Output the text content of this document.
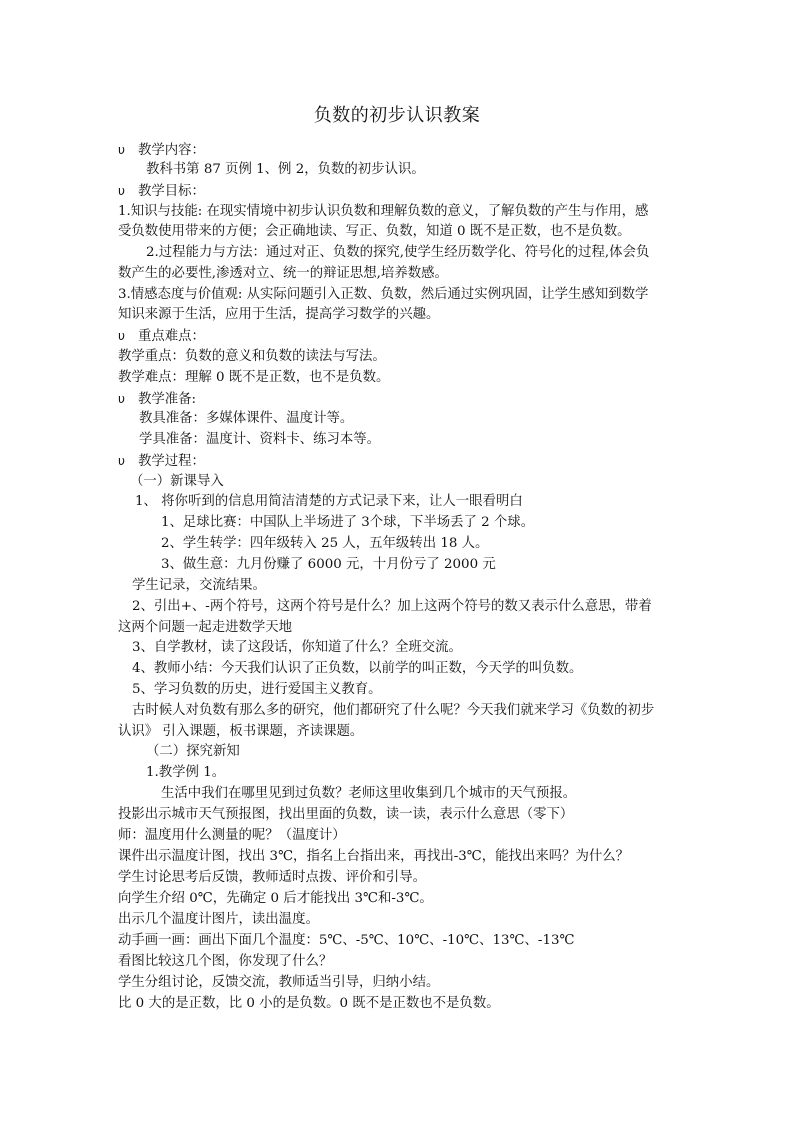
负数的初步认识教案
υ 教学内容：
教科书第 87 页例 1、例 2，负数的初步认识。
υ 教学目标：
1.知识与技能: 在现实情境中初步认识负数和理解负数的意义，了解负数的产生与作用，感
受负数使用带来的方便；会正确地读、写正、负数，知道 0 既不是正数，也不是负数。
2.过程能力与方法：通过对正、负数的探究,使学生经历数学化、符号化的过程,体会负
数产生的必要性,渗透对立、统一的辩证思想,培养数感。
3.情感态度与价值观: 从实际问题引入正数、负数，然后通过实例巩固，让学生感知到数学
知识来源于生活，应用于生活，提高学习数学的兴趣。
υ 重点难点：
教学重点：负数的意义和负数的读法与写法。
教学难点：理解 0 既不是正数，也不是负数。
υ 教学准备:
教具准备：多媒体课件、温度计等。
学具准备：温度计、资料卡、练习本等。
υ 教学过程：
（一）新课导入
1、 将你听到的信息用简洁清楚的方式记录下来，让人一眼看明白
1、足球比赛：中国队上半场进了 3个球，下半场丢了 2 个球。
2、学生转学：四年级转入 25 人，五年级转出 18 人。
3、做生意：九月份赚了 6000 元，十月份亏了 2000 元
学生记录，交流结果。
2、引出+、-两个符号，这两个符号是什么？加上这两个符号的数又表示什么意思，带着
这两个问题一起走进数学天地
3、自学教材，读了这段话，你知道了什么？全班交流。
4、教师小结：今天我们认识了正负数，以前学的叫正数，今天学的叫负数。
5、学习负数的历史，进行爱国主义教育。
古时候人对负数有那么多的研究，他们都研究了什么呢？今天我们就来学习《负数的初步
认识》 引入课题，板书课题，齐读课题。
（二）探究新知
1.教学例 1。
生活中我们在哪里见到过负数？老师这里收集到几个城市的天气预报。
投影出示城市天气预报图，找出里面的负数，读一读，表示什么意思（零下）
师：温度用什么测量的呢？（温度计）
课件出示温度计图，找出 3℃，指名上台指出来，再找出-3℃，能找出来吗？为什么？
学生讨论思考后反馈，教师适时点拨、评价和引导。
向学生介绍 0℃，先确定 0 后才能找出 3℃和-3℃。
出示几个温度计图片，读出温度。
动手画一画：画出下面几个温度：5℃、-5℃、10℃、-10℃、13℃、-13℃
看图比较这几个图，你发现了什么？
学生分组讨论，反馈交流，教师适当引导，归纳小结。
比 0 大的是正数，比 0 小的是负数。0 既不是正数也不是负数。
